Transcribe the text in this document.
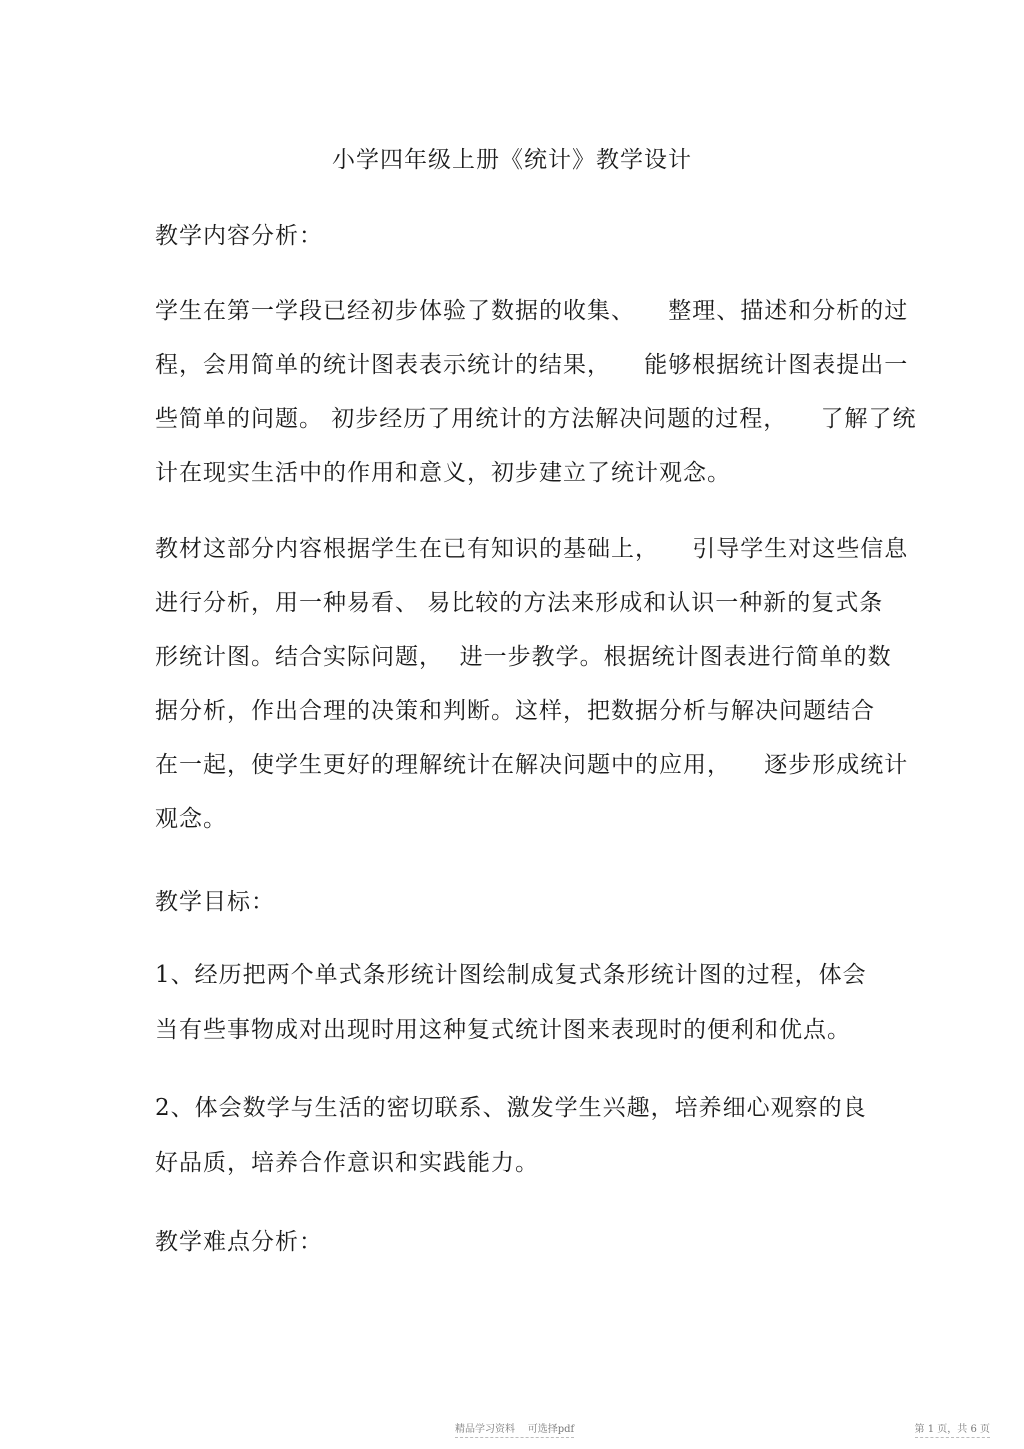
小学四年级上册《统计》教学设计
教学内容分析：
学生在第一学段已经初步体验了数据的收集、    整理、描述和分析的过
程，会用简单的统计图表表示统计的结果，    能够根据统计图表提出一
些简单的问题。 初步经历了用统计的方法解决问题的过程，    了解了统
计在现实生活中的作用和意义，初步建立了统计观念。
教材这部分内容根据学生在已有知识的基础上，    引导学生对这些信息
进行分析，用一种易看、 易比较的方法来形成和认识一种新的复式条
形统计图。结合实际问题，  进一步教学。根据统计图表进行简单的数
据分析，作出合理的决策和判断。这样，把数据分析与解决问题结合
在一起，使学生更好的理解统计在解决问题中的应用，    逐步形成统计
观念。
教学目标：
1、经历把两个单式条形统计图绘制成复式条形统计图的过程，体会
当有些事物成对出现时用这种复式统计图来表现时的便利和优点。
2、体会数学与生活的密切联系、激发学生兴趣，培养细心观察的良
好品质，培养合作意识和实践能力。
教学难点分析：
精品学习资料    可选择pdf	第 1 页，共 6 页
